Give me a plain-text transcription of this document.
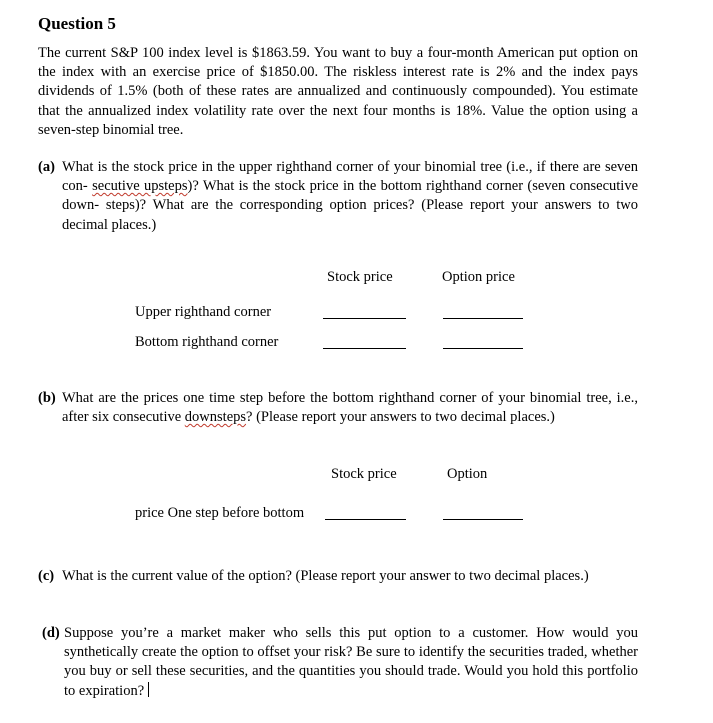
Question 5
The current S&P 100 index level is $1863.59. You want to buy a four-month American put option on the index with an exercise price of $1850.00. The riskless interest rate is 2% and the index pays dividends of 1.5% (both of these rates are annualized and continuously compounded). You estimate that the annualized index volatility rate over the next four months is 18%. Value the option using a seven-step binomial tree.
(a) What is the stock price in the upper righthand corner of your binomial tree (i.e., if there are seven con- secutive upsteps)? What is the stock price in the bottom righthand corner (seven consecutive down- steps)? What are the corresponding option prices? (Please report your answers to two decimal places.)
Stock price	Option price
Upper righthand corner
Bottom righthand corner
(b) What are the prices one time step before the bottom righthand corner of your binomial tree, i.e., after six consecutive downsteps? (Please report your answers to two decimal places.)
Stock price	Option
price One step before bottom
(c) What is the current value of the option? (Please report your answer to two decimal places.)
(d) Suppose you’re a market maker who sells this put option to a customer. How would you synthetically create the option to offset your risk? Be sure to identify the securities traded, whether you buy or sell these securities, and the quantities you should trade. Would you hold this portfolio to expiration?
